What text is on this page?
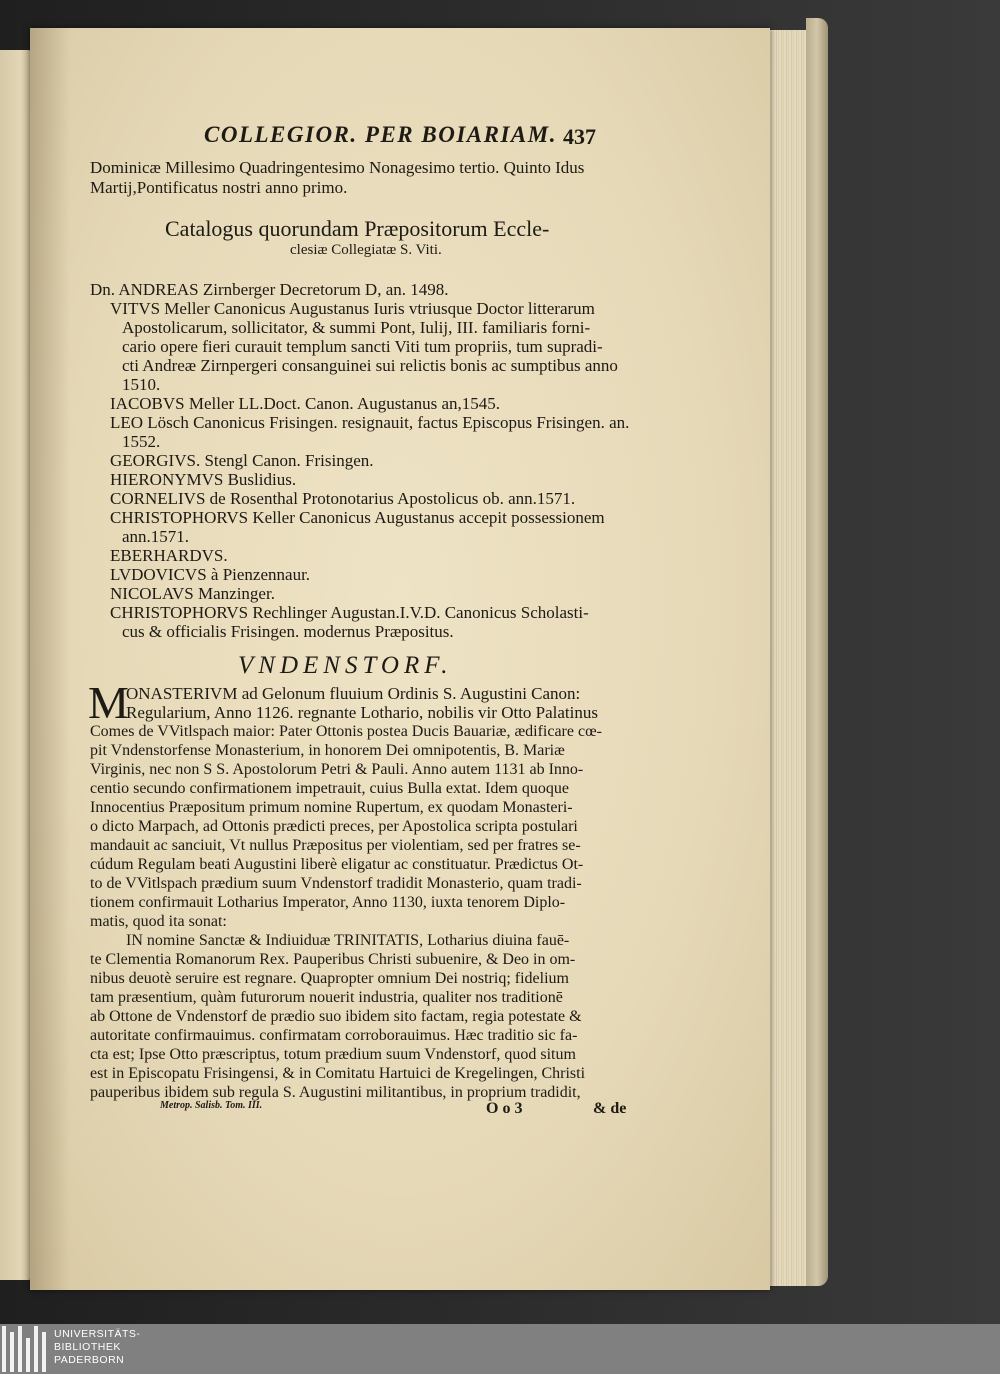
COLLEGIOR. PER BOIARIAM. 437
Dominicæ Millesimo Quadringentesimo Nonagesimo tertio. Quinto Idus
Martij,Pontificatus nostri anno primo.
Catalogus quorundam Præpositorum Eccle-
clesiæ Collegiatæ S. Viti.
Dn. ANDREAS Zirnberger Decretorum D, an. 1498.
VITVS Meller Canonicus Augustanus Iuris vtriusque Doctor litterarum
Apostolicarum, sollicitator, & summi Pont, Iulij, III. familiaris forni-
cario opere fieri curauit templum sancti Viti tum propriis, tum supradi-
cti Andreæ Zirnpergeri consanguinei sui relictis bonis ac sumptibus anno
1510.
IACOBVS Meller LL.Doct. Canon. Augustanus an,1545.
LEO Lösch Canonicus Frisingen. resignauit, factus Episcopus Frisingen. an.
1552.
GEORGIVS. Stengl Canon. Frisingen.
HIERONYMVS Buslidius.
CORNELIVS de Rosenthal Protonotarius Apostolicus ob. ann.1571.
CHRISTOPHORVS Keller Canonicus Augustanus accepit possessionem
ann.1571.
EBERHARDVS.
LVDOVICVS à Pienzennaur.
NICOLAVS Manzinger.
CHRISTOPHORVS Rechlinger Augustan.I.V.D. Canonicus Scholasti-
cus & officialis Frisingen. modernus Præpositus.
VNDENSTORF.
M
ONASTERIVM ad Gelonum fluuium Ordinis S. Augustini Canon:
Regularium, Anno 1126. regnante Lothario, nobilis vir Otto Palatinus
Comes de VVitlspach maior: Pater Ottonis postea Ducis Bauariæ, ædificare cœ-
pit Vndenstorfense Monasterium, in honorem Dei omnipotentis, B. Mariæ
Virginis, nec non S S. Apostolorum Petri & Pauli. Anno autem 1131 ab Inno-
centio secundo confirmationem impetrauit, cuius Bulla extat. Idem quoque
Innocentius Præpositum primum nomine Rupertum, ex quodam Monasteri-
o dicto Marpach, ad Ottonis prædicti preces, per Apostolica scripta postulari
mandauit ac sanciuit, Vt nullus Præpositus per violentiam, sed per fratres se-
cúdum Regulam beati Augustini liberè eligatur ac constituatur. Prædictus Ot-
to de VVitlspach prædium suum Vndenstorf tradidit Monasterio, quam tradi-
tionem confirmauit Lotharius Imperator, Anno 1130, iuxta tenorem Diplo-
matis, quod ita sonat:
IN nomine Sanctæ & Indiuiduæ TRINITATIS, Lotharius diuina fauē-
te Clementia Romanorum Rex. Pauperibus Christi subuenire, & Deo in om-
nibus deuotè seruire est regnare. Quapropter omnium Dei nostriq; fidelium
tam præsentium, quàm futurorum nouerit industria, qualiter nos traditionē
ab Ottone de Vndenstorf de prædio suo ibidem sito factam, regia potestate &
autoritate confirmauimus. confirmatam corroborauimus. Hæc traditio sic fa-
cta est; Ipse Otto præscriptus, totum prædium suum Vndenstorf, quod situm
est in Episcopatu Frisingensi, & in Comitatu Hartuici de Kregelingen, Christi
pauperibus ibidem sub regula S. Augustini militantibus, in proprium tradidit,
Metrop. Salisb. Tom. III.	O o 3	& de
UNIVERSITÄTS-
BIBLIOTHEK
PADERBORN
